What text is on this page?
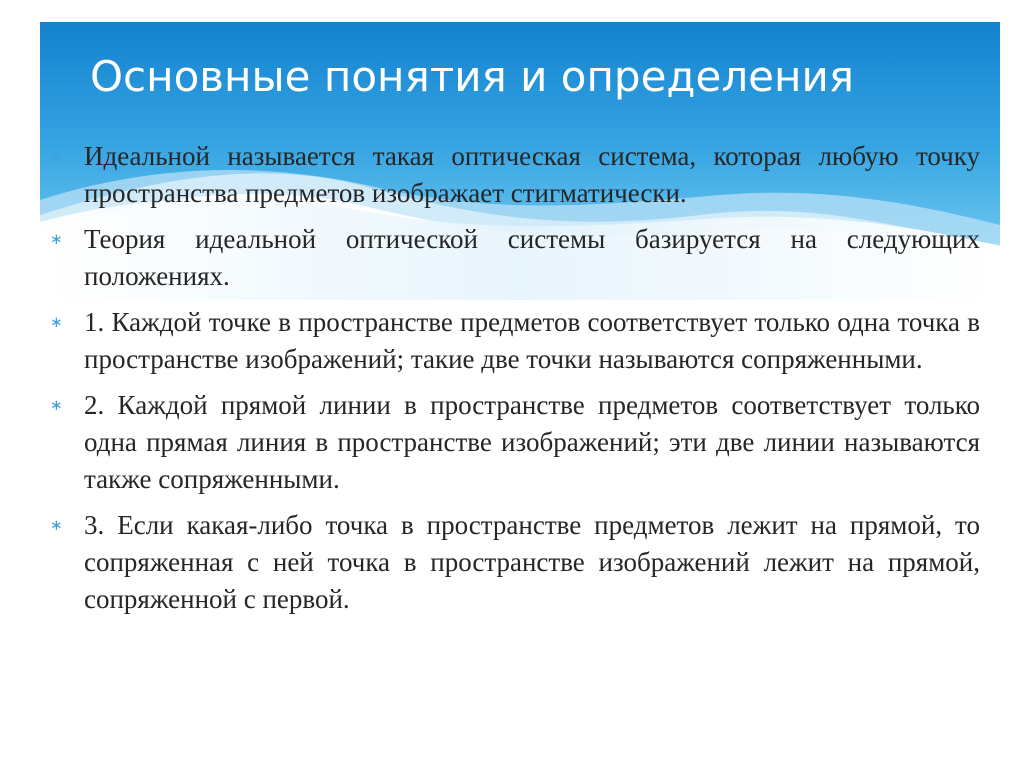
Основные понятия и определения
∗ Идеальной называется такая оптическая система, которая любую точку пространства предметов изображает стигматически.
∗ Теория идеальной оптической системы базируется на следующих положениях.
∗ 1. Каждой точке в пространстве предметов соответствует только одна точка в пространстве изображений; такие две точки называются сопряженными.
∗ 2. Каждой прямой линии в пространстве предметов соответствует только одна прямая линия в пространстве изображений; эти две линии называются также сопряженными.
∗ 3. Если какая-либо точка в пространстве предметов лежит на прямой, то сопряженная с ней точка в пространстве изображений лежит на прямой, сопряженной с первой.
